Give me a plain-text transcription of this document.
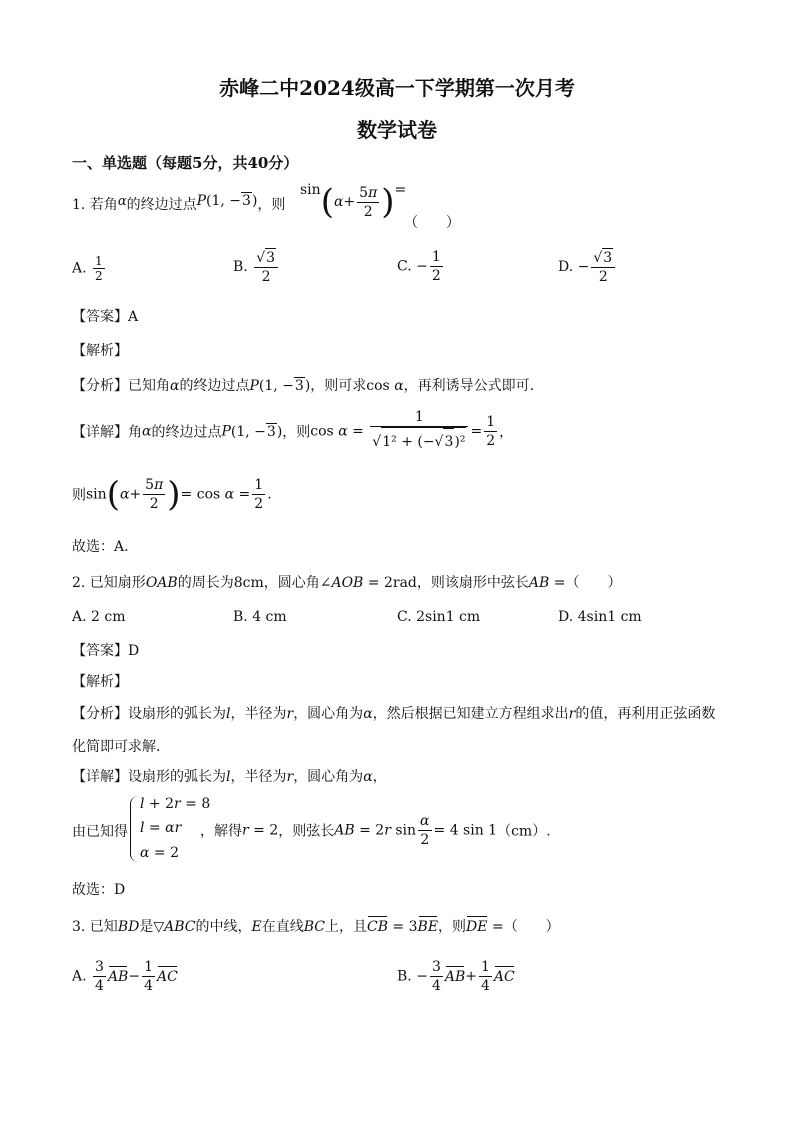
赤峰二中2024级高一下学期第一次月考
数学试卷
一、单选题（每题5分，共40分）
1. 若角α的终边过点P(1, −3)，则
$\sin(\alpha+ \frac{5\pi}{2}$ )=
（　　）
A. $\frac{1}{2}$	B. $\frac{√3}{2}$	C. − $\frac{1}{2}$	D. − $\frac{√3}{2}$
【答案】A
【解析】
【分析】已知角α的终边过点P(1, −3)，则可求cos α，再利诱导公式即可.
【详解】角α的终边过点P(1, −3)，则$\cos \alpha = \frac{1}{\text{√1² + (−√3)²}} = \frac{1}{2}$ ，
则$\sin(\alpha+ \frac{5\pi}{2}$ )= $\cos \alpha = \frac{1}{2}$ .
故选：A.
2. 已知扇形OAB的周长为8cm，圆心角∠AOB = 2rad，则该扇形中弦长AB =（　　）
A. 2 cm	B. 4 cm	C. 2sin1 cm	D. 4sin1 cm
【答案】D
【解析】
【分析】设扇形的弧长为l，半径为r，圆心角为α，然后根据已知建立方程组求出r的值，再利用正弦函数
化简即可求解．
【详解】设扇形的弧长为l，半径为r，圆心角为α，
l + 2r = 8
l = αr
α = 2
由已知得	，解得r = 2，则弦长AB = 2r $\sin \frac{\alpha}{2} = 4$ sin 1（cm）.
故选：D
3. 已知BD是▽ABC的中线，E在直线BC上，且CB = 3BE，则DE =（　　）
A. $\frac{3}{4} AB- \frac{1}{4}$ AC	B. − $\frac{3}{4} AB+ \frac{1}{4}$ AC
